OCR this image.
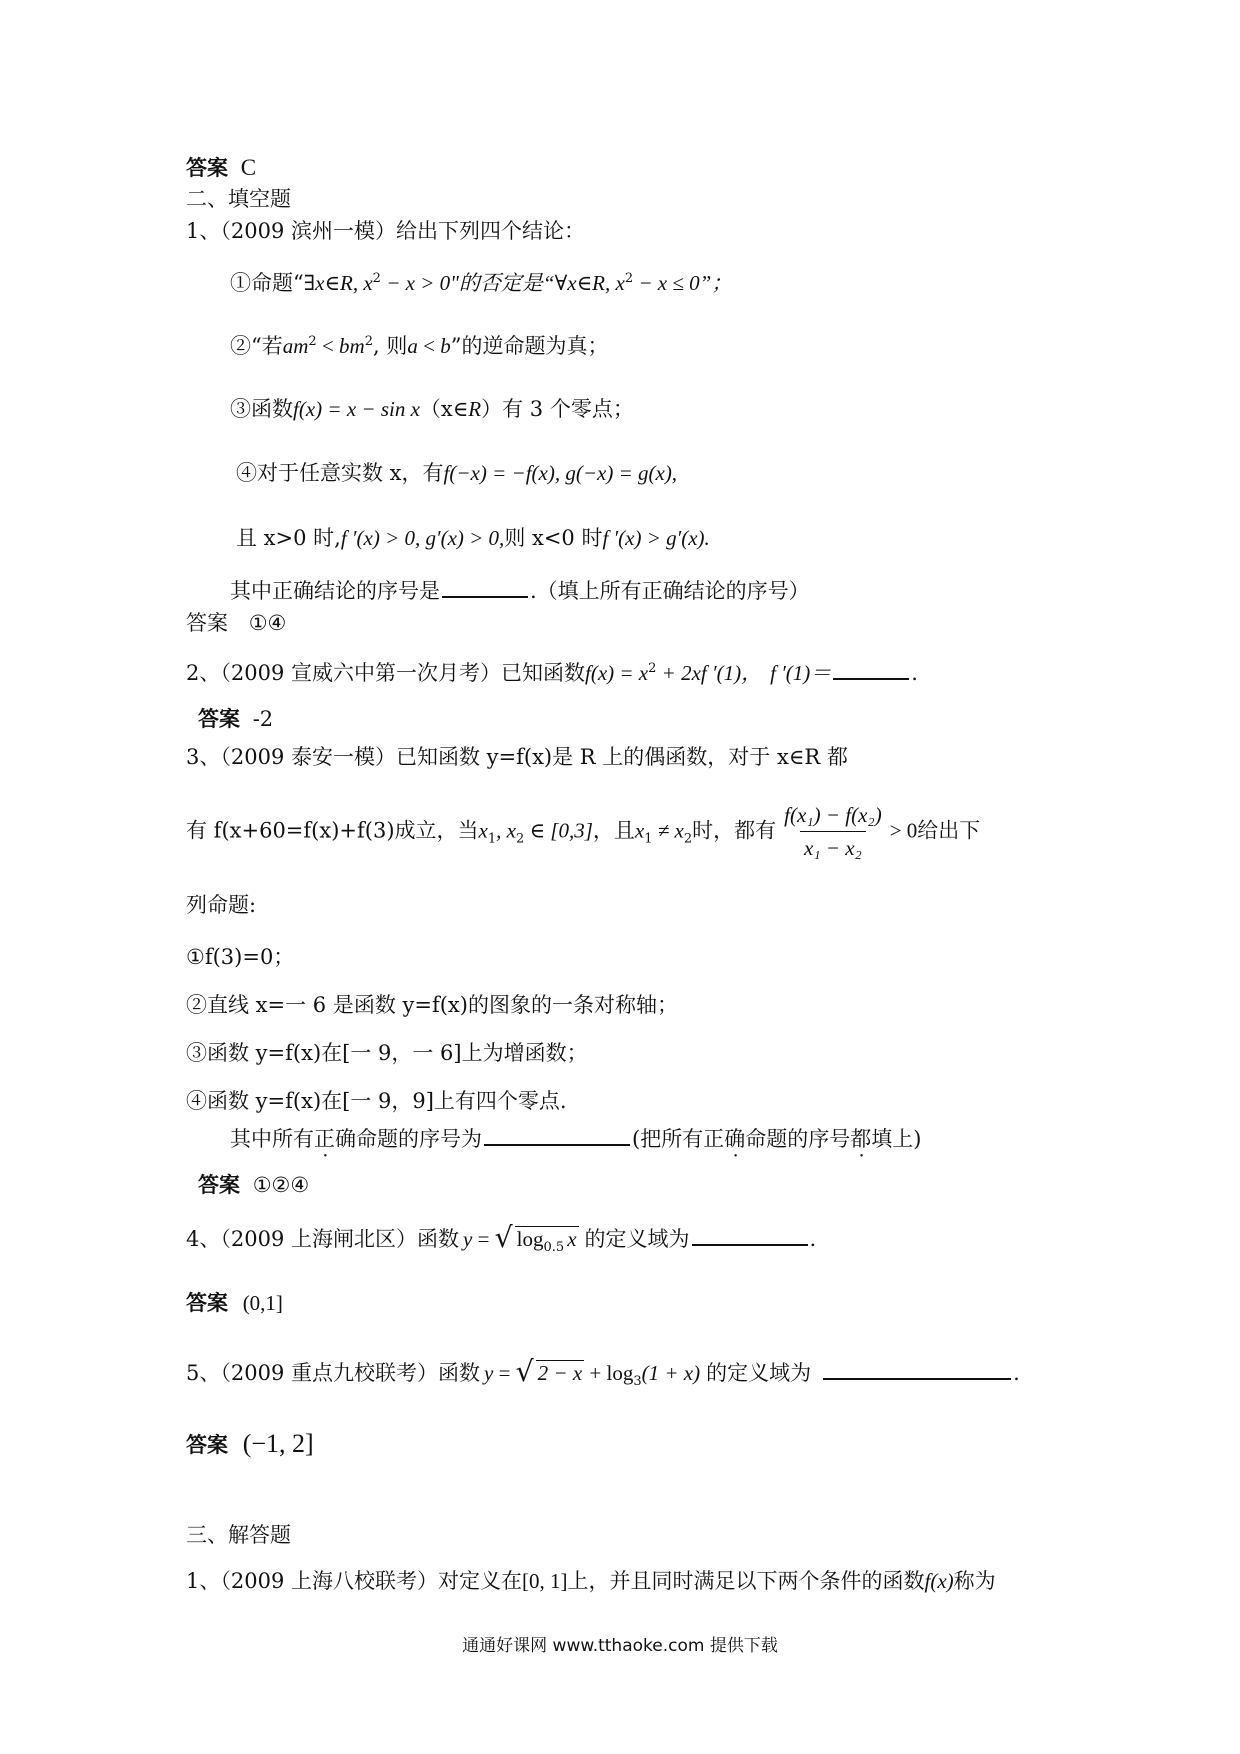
答案 C
二、填空题
1、（2009 滨州一模）给出下列四个结论：
①命题“∃x∈R, $x^2 - x > 0$"的否定是“∀x∈R, $x^2 - x \le 0$”；
②“若$am^2 < bm^2$, 则a < b”的逆命题为真；
③函数f(x) = x − sin x（x∈R）有 3 个零点；
④对于任意实数 x，有f(−x) = −f(x), g(−x) = g(x),
且 x>0 时,f ′(x) > 0, g′(x) > 0,则 x<0 时f ′(x) > g′(x).
其中正确结论的序号是	.（填上所有正确结论的序号）
答案 ①④
2、（2009 宣威六中第一次月考）已知函数$f(x) = x^2 + 2xf$ ′(1)， f ′(1)＝	.
答案 -2
3、（2009 泰安一模）已知函数 y=f(x)是 R 上的偶函数，对于 x∈R 都
有 f(x+60=f(x)+f(3)成立，当$x_1$, $x_2$ ∈ [0,3]，且$x_1 \ne x_2$时，都有 $\frac{\text{f(x₁) − f(x₂)}}{\text{x₁ − x₂}} > 0$给出下
列命题:
①f(3)=0；
②直线 x=一 6 是函数 y=f(x)的图象的一条对称轴；
③函数 y=f(x)在[一 9，一 6]上为增函数；
④函数 y=f(x)在[一 9，9]上有四个零点.
其中所有正确命题的序号为	(把所有正确命题的序号都填上)
答案 ①②④
4、（2009 上海闸北区）函数 y = √ $\log_{0.5} x$ 的定义域为	.
答案 (0,1]
5、（2009 重点九校联考）函数 y = √ $2 - x + \log_3(1 + x)$ 的定义域为	.
答案 (−1, 2]
三、解答题
1、（2009 上海八校联考）对定义在[0, 1]上，并且同时满足以下两个条件的函数f(x)称为
通通好课网 www.tthaoke.com 提供下载
